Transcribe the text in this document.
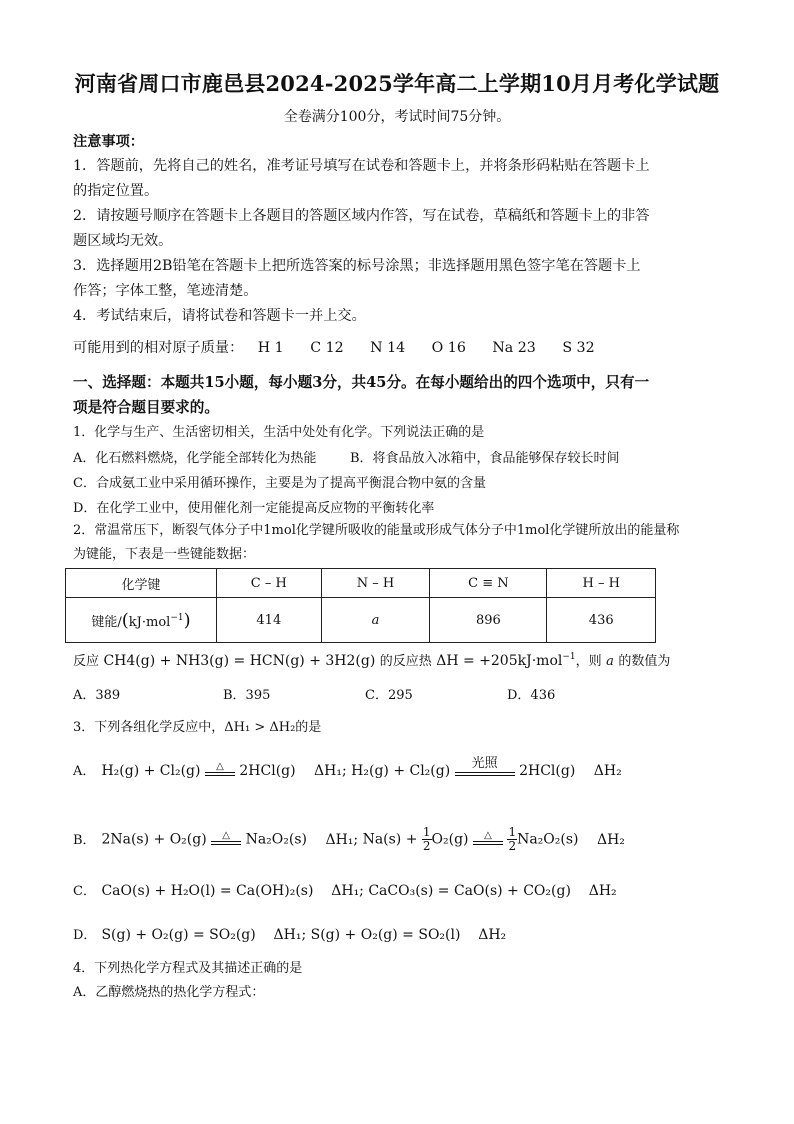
河南省周口市鹿邑县2024-2025学年高二上学期10月月考化学试题
全卷满分100分，考试时间75分钟。
注意事项：
1．答题前，先将自己的姓名，准考证号填写在试卷和答题卡上，并将条形码粘贴在答题卡上
的指定位置。
2．请按题号顺序在答题卡上各题目的答题区域内作答，写在试卷，草稿纸和答题卡上的非答
题区域均无效。
3．选择题用2B铅笔在答题卡上把所选答案的标号涂黑；非选择题用黑色签字笔在答题卡上
作答；字体工整，笔迹清楚。
4．考试结束后，请将试卷和答题卡一并上交。
可能用到的相对原子质量： H 1 C 12 N 14 O 16 Na 23 S 32
一、选择题：本题共15小题，每小题3分，共45分。在每小题给出的四个选项中，只有一
项是符合题目要求的。
1．化学与生产、生活密切相关，生活中处处有化学。下列说法正确的是
A．化石燃料燃烧，化学能全部转化为热能	B．将食品放入冰箱中，食品能够保存较长时间
C．合成氨工业中采用循环操作，主要是为了提高平衡混合物中氨的含量
D．在化学工业中，使用催化剂一定能提高反应物的平衡转化率
2．常温常压下，断裂气体分子中1mol化学键所吸收的能量或形成气体分子中1mol化学键所放出的能量称
为键能，下表是一些键能数据：
化学键	C – H	N – H	C ≡ N	H – H
键能/(kJ·mol$^{-1}$)	414	a	896	436
反应 CH4(g) + NH3(g) = HCN(g) + 3H2(g) 的反应热 ΔH = +205kJ·mol$^{-1}$，则 a 的数值为
A．389	B．395	C．295	D．436
3．下列各组化学反应中，ΔH₁ > ΔH₂的是
A． H₂(g) + Cl₂(g)	△	2HCl(g) ΔH₁; H₂(g) + Cl₂(g)	光照	2HCl(g) ΔH₂
B． 2Na(s) + O₂(g)	△	Na₂O₂(s) ΔH₁; $Na(s) + \frac{1}{2} O_2(g)$	△
	$\frac{1}{2} Na_2O_2(s)$ ΔH₂
C． CaO(s) + H₂O(l) = Ca(OH)₂(s)    ΔH₁; CaCO₃(s) = CaO(s) + CO₂(g)    ΔH₂
D． S(g) + O₂(g) = SO₂(g)    ΔH₁; S(g) + O₂(g) = SO₂(l)    ΔH₂
4．下列热化学方程式及其描述正确的是
A．乙醇燃烧热的热化学方程式：
